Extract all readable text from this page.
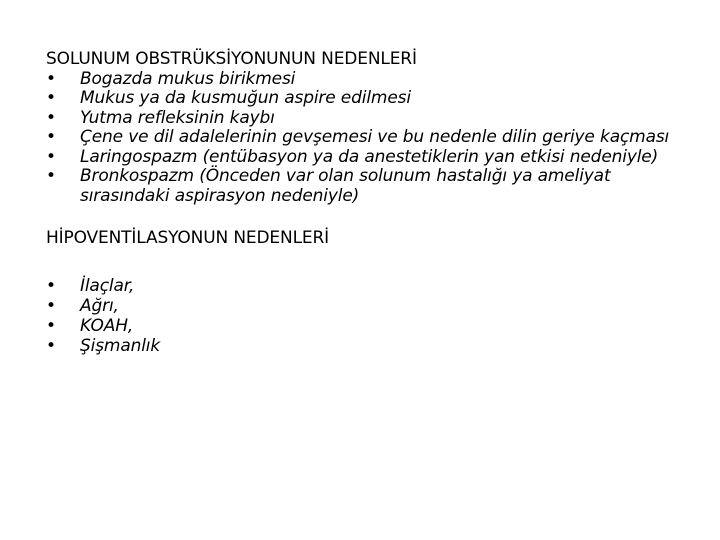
SOLUNUM OBSTRÜKSİYONUNUN NEDENLERİ
• Bogazda mukus birikmesi
• Mukus ya da kusmuğun aspire edilmesi
• Yutma refleksinin kaybı
• Çene ve dil adalelerinin gevşemesi ve bu nedenle dilin geriye kaçması
• Laringospazm (entübasyon ya da anestetiklerin yan etkisi nedeniyle)
• Bronkospazm (Önceden var olan solunum hastalığı ya ameliyat sırasındaki aspirasyon nedeniyle)
HİPOVENTİLASYONUN NEDENLERİ
• İlaçlar,
• Ağrı,
• KOAH,
• Şişmanlık
